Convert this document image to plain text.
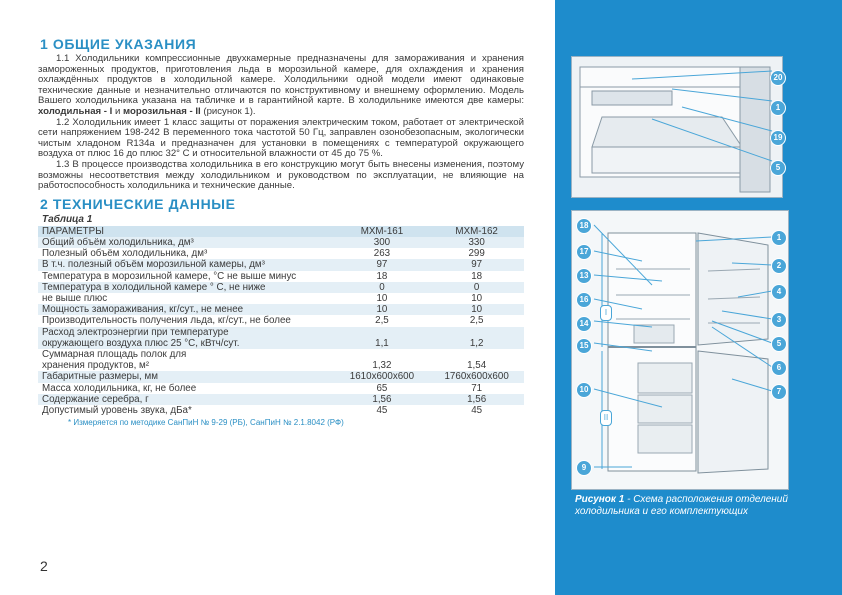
1 ОБЩИЕ УКАЗАНИЯ

1.1 Холодильники компрессионные двухкамерные предназначены для замораживания и хранения замороженных продуктов, приготовления льда в морозильной камере, для охлаждения и хранения охлаждённых продуктов в холодильной камере. Холодильники одной модели имеют одинаковые технические данные и незначительно отличаются по конструктивному и внешнему оформлению. Модель Вашего холодильника указана на табличке и в гарантийной карте. В холодильнике имеются две камеры: холодильная - I и морозильная - II (рисунок 1).

1.2 Холодильник имеет 1 класс защиты от поражения электрическим током, работает от электрической сети напряжением 198-242 В переменного тока частотой 50 Гц, заправлен озонобезопасным, экологически чистым хладоном R134a и предназначен для установки в помещениях с температурой окружающего воздуха от плюс 16 до плюс 32° С и относительной влажности от 45 до 75 %.

1.3 В процессе производства холодильника в его конструкцию могут быть внесены изменения, поэтому возможны несоответствия между холодильником и руководством по эксплуатации, не влияющие на работоспособность холодильника и технические данные.

2 ТЕХНИЧЕСКИЕ ДАННЫЕ
Таблица 1
ПАРАМЕТРЫ	МХМ-161	МХМ-162
Общий объём холодильника, дм³	300	330
Полезный объём холодильника, дм³	263	299
В т.ч. полезный объём морозильной камеры, дм³	97	97
Температура в морозильной камере, °С не выше минус	18	18
Температура в холодильной камере ° С, не ниже	0	0
не выше плюс	10	10
Мощность замораживания, кг/сут., не менее	10	10
Производительность получения льда, кг/сут., не более	2,5	2,5
Расход электроэнергии при температуре		
окружающего воздуха плюс 25 °С, кВтч/сут.	1,1	1,2
Суммарная площадь полок для		
хранения продуктов, м²	1,32	1,54
Габаритные размеры, мм	1610х600х600	1760х600х600
Масса холодильника, кг, не более	65	71
Содержание серебра, г	1,56	1,56
Допустимый уровень звука, дБа*	45	45
* Измеряется по методике СанПиН № 9-29 (РБ), СанПиН № 2.1.8042 (РФ)
2
20
1
19
5
18
17
13
16
14
15
10
9
1
2
4
3
5
6
7
I
II
Рисунок 1 - Схема расположения отделений холодильника и его комплектующих
